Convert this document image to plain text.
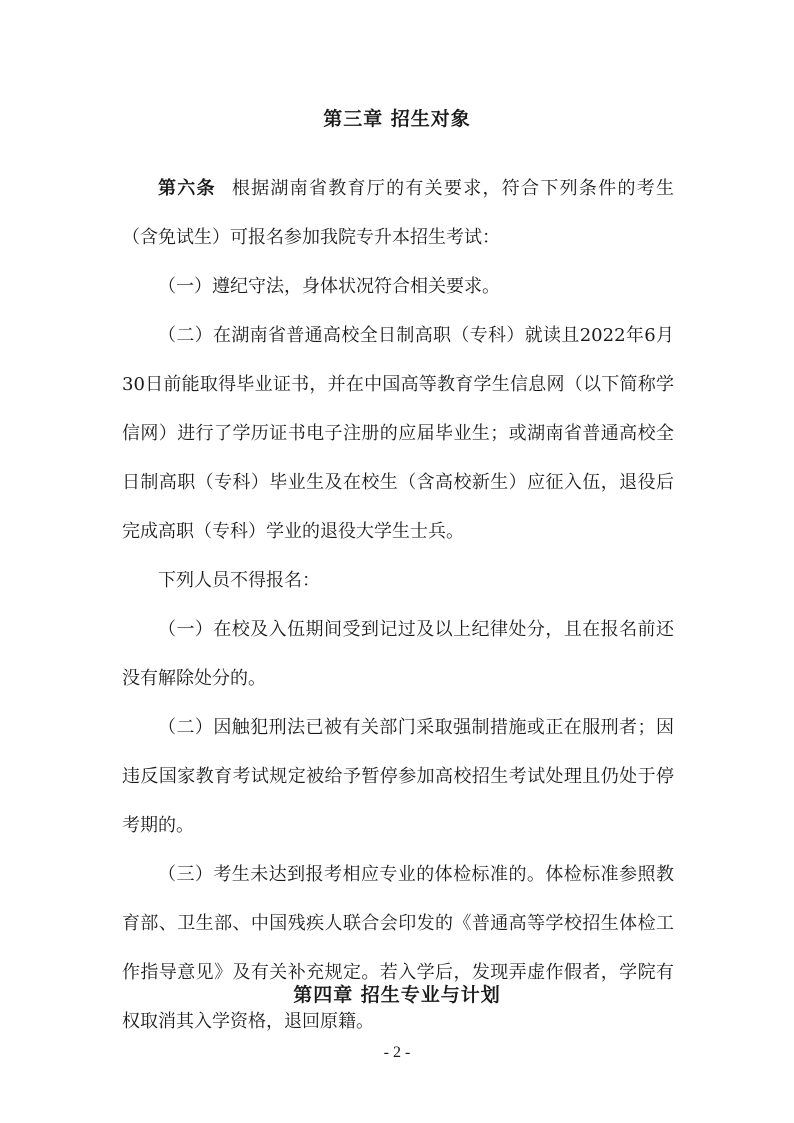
第三章 招生对象

第六条 根据湖南省教育厅的有关要求，符合下列条件的考生（含免试生）可报名参加我院专升本招生考试：

（一）遵纪守法，身体状况符合相关要求。

（二）在湖南省普通高校全日制高职（专科）就读且2022年6月30日前能取得毕业证书，并在中国高等教育学生信息网（以下简称学信网）进行了学历证书电子注册的应届毕业生；或湖南省普通高校全日制高职（专科）毕业生及在校生（含高校新生）应征入伍，退役后完成高职（专科）学业的退役大学生士兵。

下列人员不得报名：

（一）在校及入伍期间受到记过及以上纪律处分，且在报名前还没有解除处分的。

（二）因触犯刑法已被有关部门采取强制措施或正在服刑者；因违反国家教育考试规定被给予暂停参加高校招生考试处理且仍处于停考期的。

（三）考生未达到报考相应专业的体检标准的。体检标准参照教育部、卫生部、中国残疾人联合会印发的《普通高等学校招生体检工作指导意见》及有关补充规定。若入学后，发现弄虚作假者，学院有权取消其入学资格，退回原籍。

第四章 招生专业与计划
- 2 -
